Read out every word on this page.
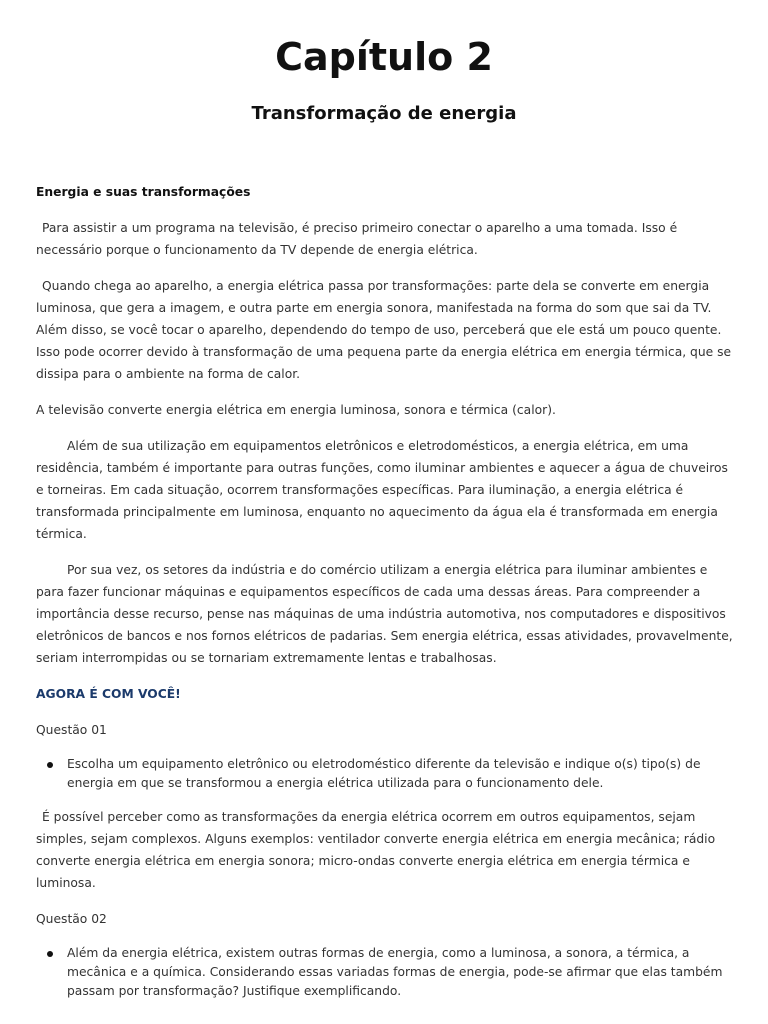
Capítulo 2
Transformação de energia

Energia e suas transformações

Para assistir a um programa na televisão, é preciso primeiro conectar o aparelho a uma tomada. Isso é necessário porque o funcionamento da TV depende de energia elétrica.

Quando chega ao aparelho, a energia elétrica passa por transformações: parte dela se converte em energia luminosa, que gera a imagem, e outra parte em energia sonora, manifestada na forma do som que sai da TV. Além disso, se você tocar o aparelho, dependendo do tempo de uso, perceberá que ele está um pouco quente. Isso pode ocorrer devido à transformação de uma pequena parte da energia elétrica em energia térmica, que se dissipa para o ambiente na forma de calor.

A televisão converte energia elétrica em energia luminosa, sonora e térmica (calor).

Além de sua utilização em equipamentos eletrônicos e eletrodomésticos, a energia elétrica, em uma residência, também é importante para outras funções, como iluminar ambientes e aquecer a água de chuveiros e torneiras. Em cada situação, ocorrem transformações específicas. Para iluminação, a energia elétrica é transformada principalmente em luminosa, enquanto no aquecimento da água ela é transformada em energia térmica.

Por sua vez, os setores da indústria e do comércio utilizam a energia elétrica para iluminar ambientes e para fazer funcionar máquinas e equipamentos específicos de cada uma dessas áreas. Para compreender a importância desse recurso, pense nas máquinas de uma indústria automotiva, nos computadores e dispositivos eletrônicos de bancos e nos fornos elétricos de padarias. Sem energia elétrica, essas atividades, provavelmente, seriam interrompidas ou se tornariam extremamente lentas e trabalhosas.

AGORA É COM VOCÊ!

Questão 01

Escolha um equipamento eletrônico ou eletrodoméstico diferente da televisão e indique o(s) tipo(s) de energia em que se transformou a energia elétrica utilizada para o funcionamento dele.

É possível perceber como as transformações da energia elétrica ocorrem em outros equipamentos, sejam simples, sejam complexos. Alguns exemplos: ventilador converte energia elétrica em energia mecânica; rádio converte energia elétrica em energia sonora; micro-ondas converte energia elétrica em energia térmica e luminosa.

Questão 02

Além da energia elétrica, existem outras formas de energia, como a luminosa, a sonora, a térmica, a mecânica e a química. Considerando essas variadas formas de energia, pode-se afirmar que elas também passam por transformação? Justifique exemplificando.
